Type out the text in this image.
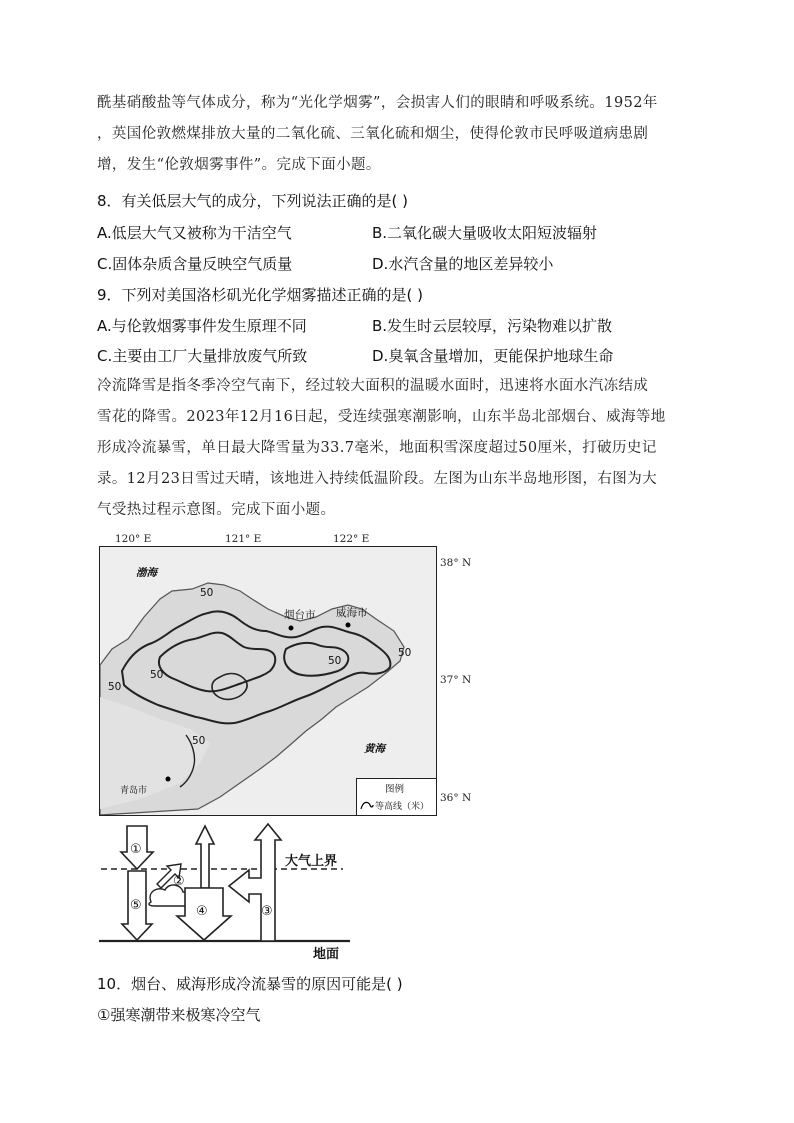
酰基硝酸盐等气体成分，称为“光化学烟雾”，会损害人们的眼睛和呼吸系统。1952年

，英国伦敦燃煤排放大量的二氧化硫、三氧化硫和烟尘，使得伦敦市民呼吸道病患剧

增，发生“伦敦烟雾事件”。完成下面小题。

8．有关低层大气的成分，下列说法正确的是( )
A.低层大气又被称为干洁空气	B.二氧化碳大量吸收太阳短波辐射
C.固体杂质含量反映空气质量	D.水汽含量的地区差异较小
9．下列对美国洛杉矶光化学烟雾描述正确的是( )
A.与伦敦烟雾事件发生原理不同	B.发生时云层较厚，污染物难以扩散
C.主要由工厂大量排放废气所致	D.臭氧含量增加，更能保护地球生命

冷流降雪是指冬季冷空气南下，经过较大面积的温暖水面时，迅速将水面水汽冻结成

雪花的降雪。2023年12月16日起，受连续强寒潮影响，山东半岛北部烟台、威海等地

形成冷流暴雪，单日最大降雪量为33.7毫米，地面积雪深度超过50厘米，打破历史记

录。12月23日雪过天晴，该地进入持续低温阶段。左图为山东半岛地形图，右图为大

气受热过程示意图。完成下面小题。

120° E	121° E	122° E
38° N
37° N
36° N
渤海
黄海
烟台市 威海市
青岛市
50
50
50
50
50
50
图例
等高线（米）
①
②
③
④
⑤
大气上界
地面
10．烟台、威海形成冷流暴雪的原因可能是( )
①强寒潮带来极寒冷空气
